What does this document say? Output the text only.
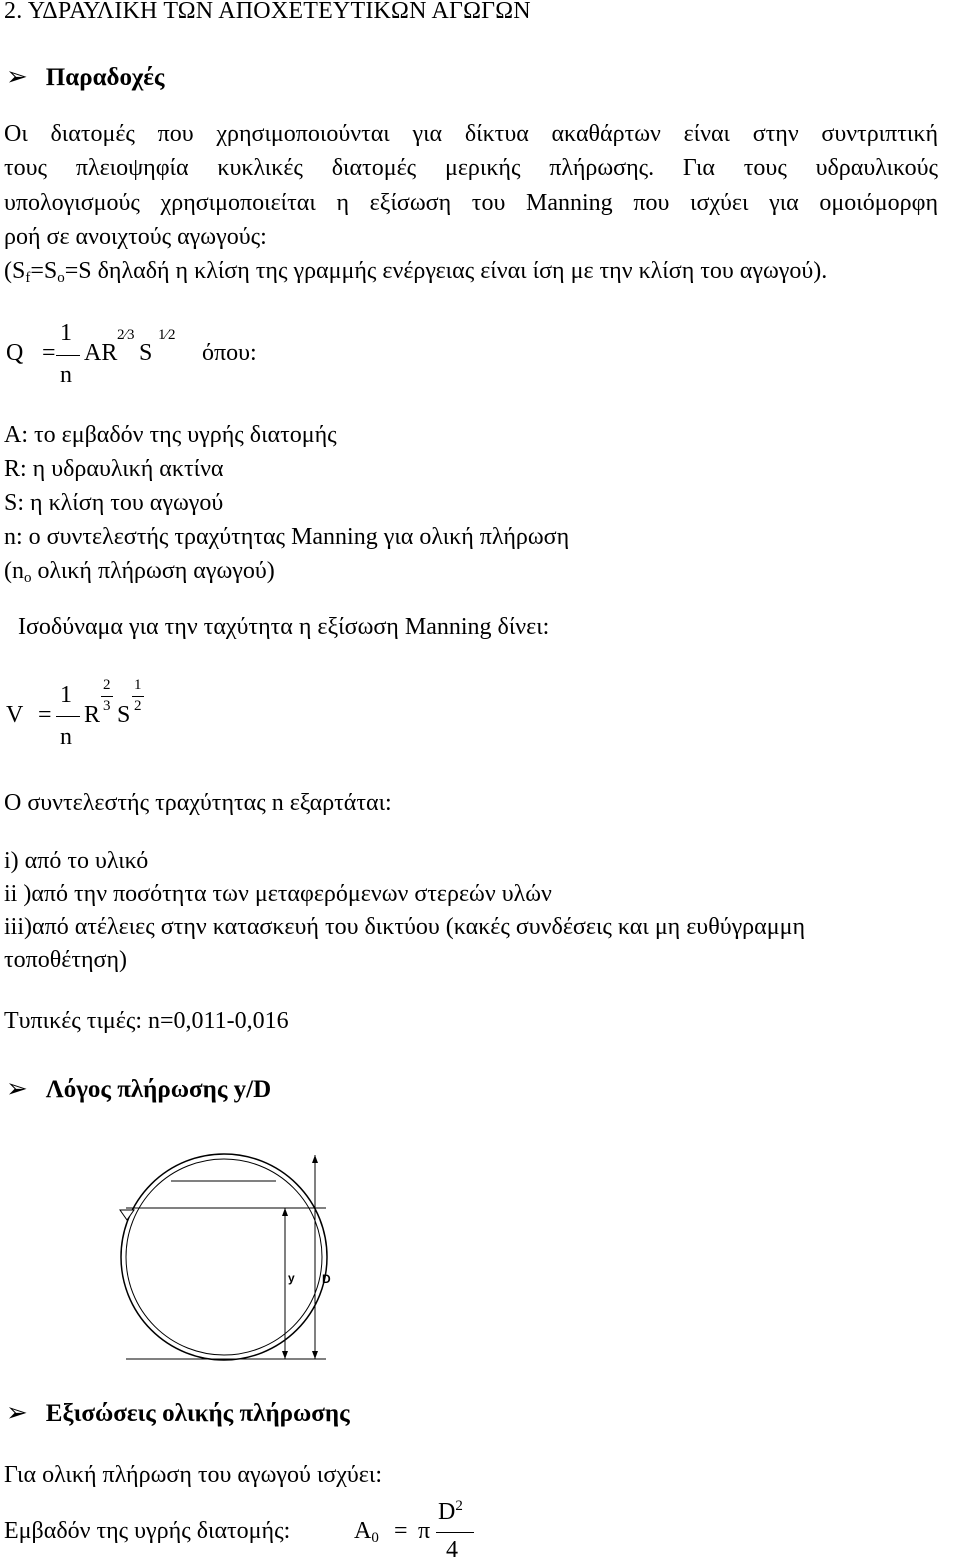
2. ΥΔΡΑΥΛΙΚΗ ΤΩΝ ΑΠΟΧΕΤΕΥΤΙΚΩΝ ΑΓΩΓΩΝ
➢ Παραδοχές
Οι διατομές που χρησιμοποιούνται για δίκτυα ακαθάρτων είναι στην συντριπτική
τους πλειοψηφία κυκλικές διατομές μερικής πλήρωσης. Για τους υδραυλικούς
υπολογισμούς χρησιμοποιείται η εξίσωση του Manning που ισχύει για ομοιόμορφη
ροή σε ανοιχτούς αγωγούς:
($S_f=S_o=S$ δηλαδή η κλίση της γραμμής ενέργειας είναι ίση με την κλίση του αγωγού).
Q =
1
n
AR
2⁄3
S
1⁄2
όπου:
A: το εμβαδόν της υγρής διατομής
R: η υδραυλική ακτίνα
S: η κλίση του αγωγού
n: ο συντελεστής τραχύτητας Manning για ολική πλήρωση
($n_o$ ολική πλήρωση αγωγού)
Ισοδύναμα για την ταχύτητα η εξίσωση Manning δίνει:
V =
1
n
R
2
3 S
1
2
Ο συντελεστής τραχύτητας n εξαρτάται:
i) από το υλικό
ii )από την ποσότητα των μεταφερόμενων στερεών υλών
iii)από ατέλειες στην κατασκευή του δικτύου (κακές συνδέσεις και μη ευθύγραμμη
τοποθέτηση)
Τυπικές τιμές: n=0,011-0,016
➢ Λόγος πλήρωσης y/D
y D
➢ Εξισώσεις ολικής πλήρωσης
Για ολική πλήρωση του αγωγού ισχύει:
Εμβαδόν της υγρής διατομής:	$A_0 = \pi$
$D^2$
4
